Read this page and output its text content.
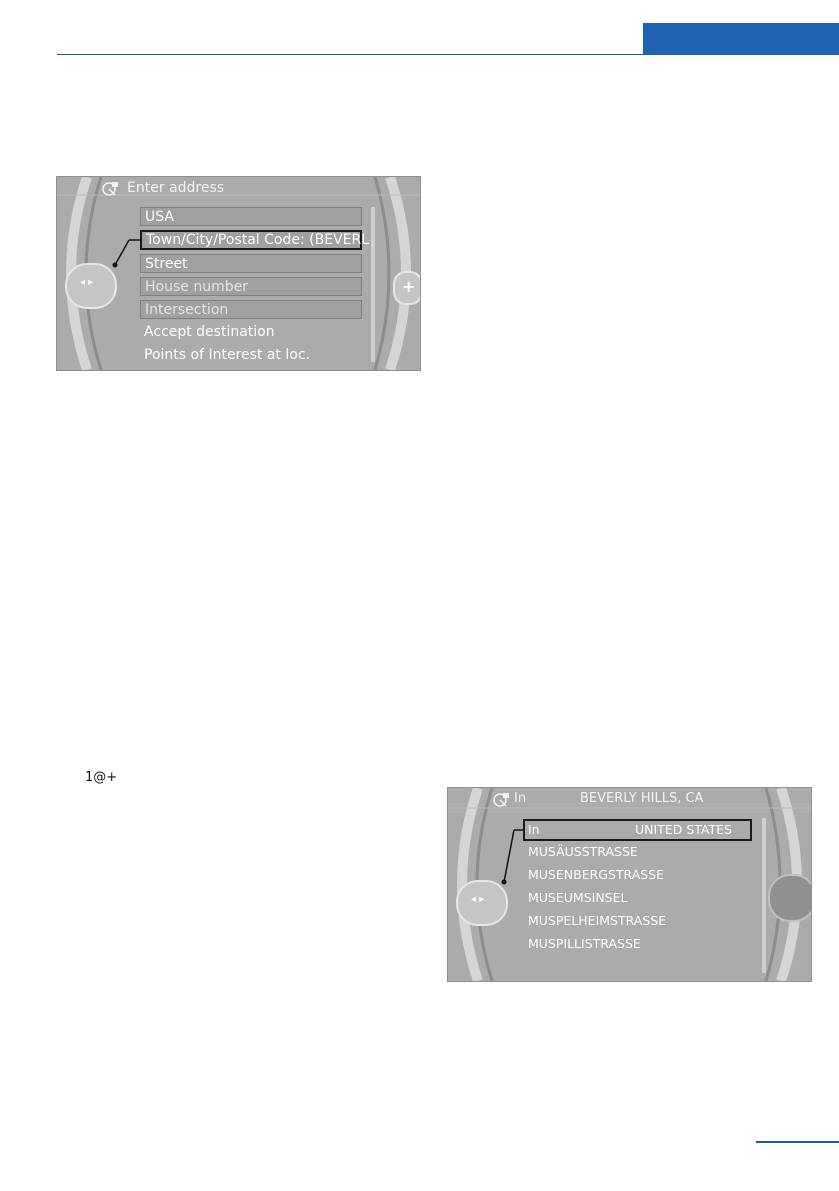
◂ ▸	+
Enter address
USA
Town/City/Postal Code: (BEVERL
Street
House number
Intersection
Accept destination
Points of Interest at loc.
1@+
◂ ▸
In	BEVERLY HILLS, CA
In	UNITED STATES
MUSÄUSSTRASSE
MUSENBERGSTRASSE
MUSEUMSINSEL
MUSPELHEIMSTRASSE
MUSPILLISTRASSE
